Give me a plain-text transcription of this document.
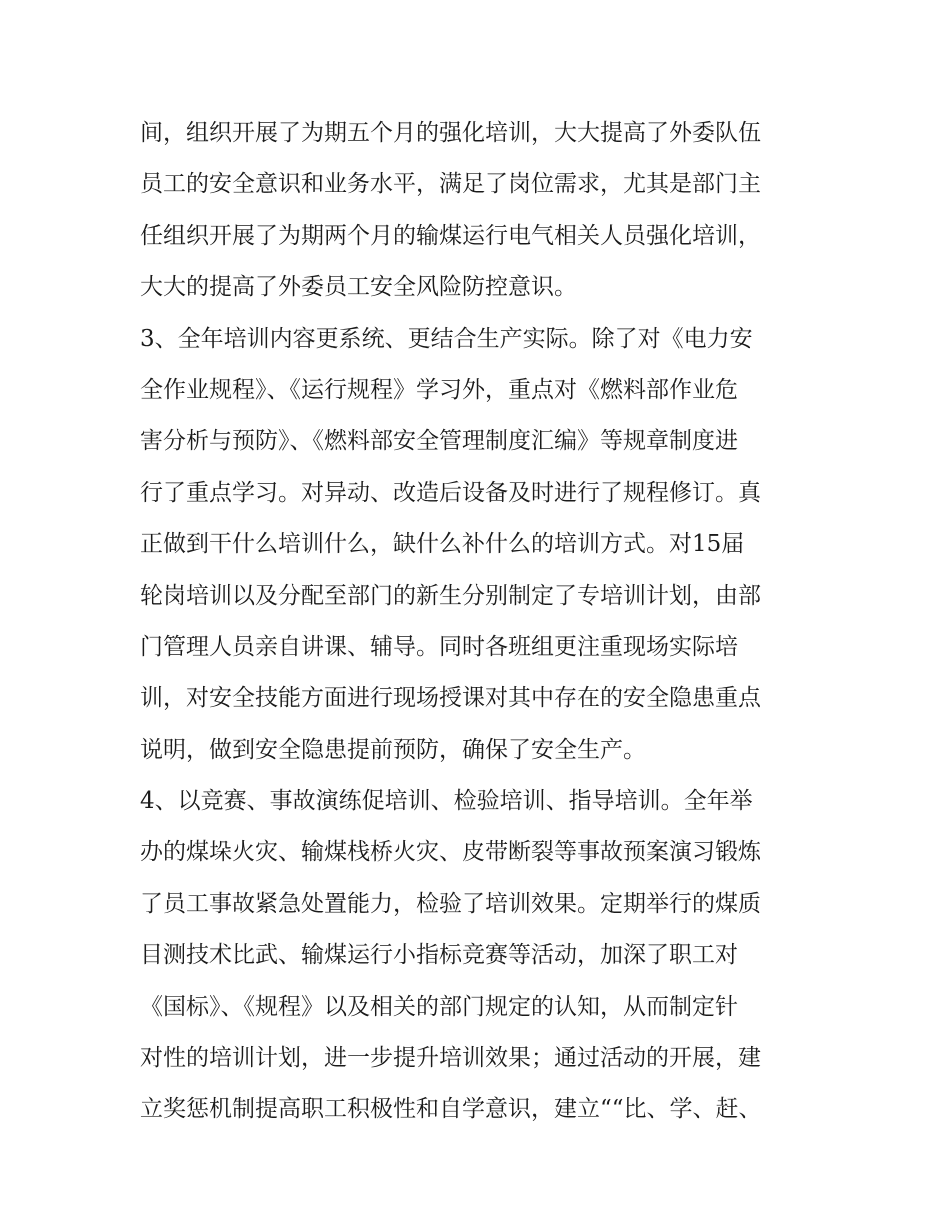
间，组织开展了为期五个月的强化培训，大大提高了外委队伍
员工的安全意识和业务水平，满足了岗位需求，尤其是部门主
任组织开展了为期两个月的输煤运行电气相关人员强化培训，
大大的提高了外委员工安全风险防控意识。
3、全年培训内容更系统、更结合生产实际。除了对《电力安
全作业规程》、《运行规程》学习外，重点对《燃料部作业危
害分析与预防》、《燃料部安全管理制度汇编》等规章制度进
行了重点学习。对异动、改造后设备及时进行了规程修订。真
正做到干什么培训什么，缺什么补什么的培训方式。对15届
轮岗培训以及分配至部门的新生分别制定了专培训计划，由部
门管理人员亲自讲课、辅导。同时各班组更注重现场实际培
训，对安全技能方面进行现场授课对其中存在的安全隐患重点
说明，做到安全隐患提前预防，确保了安全生产。
4、以竞赛、事故演练促培训、检验培训、指导培训。全年举
办的煤垛火灾、输煤栈桥火灾、皮带断裂等事故预案演习锻炼
了员工事故紧急处置能力，检验了培训效果。定期举行的煤质
目测技术比武、输煤运行小指标竞赛等活动，加深了职工对
《国标》、《规程》以及相关的部门规定的认知，从而制定针
对性的培训计划，进一步提升培训效果；通过活动的开展，建
立奖惩机制提高职工积极性和自学意识，建立““比、学、赶、
